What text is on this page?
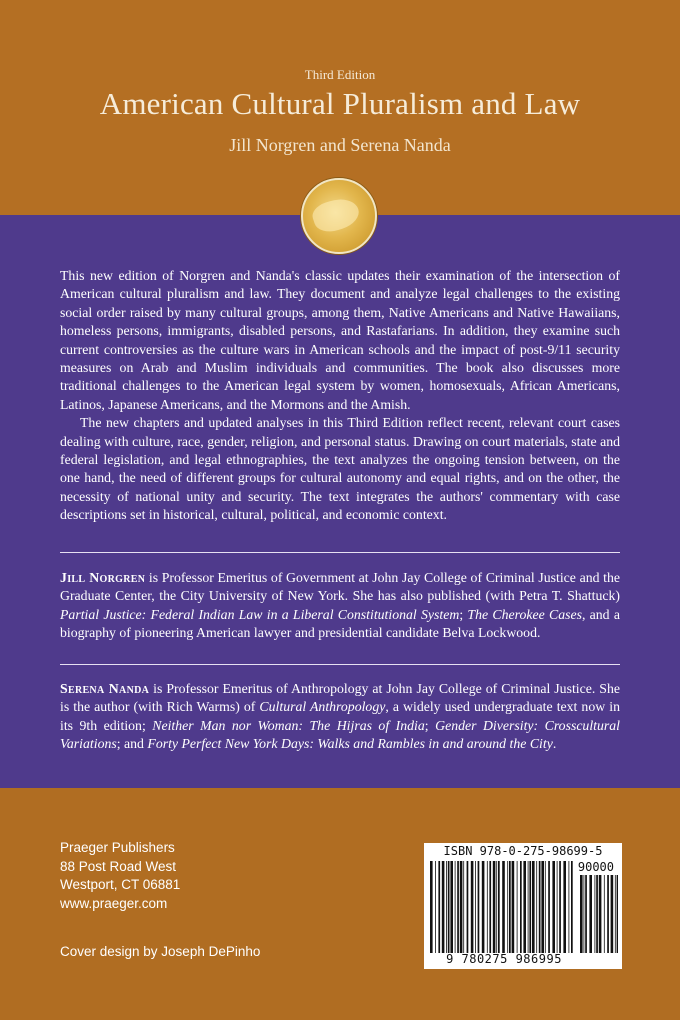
Third Edition
American Cultural Pluralism and Law
Jill Norgren and Serena Nanda

This new edition of Norgren and Nanda's classic updates their examination of the intersection of American cultural pluralism and law. They document and analyze legal challenges to the existing social order raised by many cultural groups, among them, Native Americans and Native Hawaiians, homeless persons, immigrants, disabled persons, and Rastafarians. In addition, they examine such current controversies as the culture wars in American schools and the impact of post-9/11 security measures on Arab and Muslim individuals and communities. The book also discusses more traditional challenges to the American legal system by women, homosexuals, African Americans, Latinos, Japanese Americans, and the Mormons and the Amish.

The new chapters and updated analyses in this Third Edition reflect recent, relevant court cases dealing with culture, race, gender, religion, and personal status. Drawing on court materials, state and federal legislation, and legal ethnographies, the text analyzes the ongoing tension between, on the one hand, the need of different groups for cultural autonomy and equal rights, and on the other, the necessity of national unity and security. The text integrates the authors' commentary with case descriptions set in historical, cultural, political, and economic context.

Jill Norgren is Professor Emeritus of Government at John Jay College of Criminal Justice and the Graduate Center, the City University of New York. She has also published (with Petra T. Shattuck) Partial Justice: Federal Indian Law in a Liberal Constitutional System; The Cherokee Cases, and a biography of pioneering American lawyer and presidential candidate Belva Lockwood.
Serena Nanda is Professor Emeritus of Anthropology at John Jay College of Criminal Justice. She is the author (with Rich Warms) of Cultural Anthropology, a widely used undergraduate text now in its 9th edition; Neither Man nor Woman: The Hijras of India; Gender Diversity: Crosscultural Variations; and Forty Perfect New York Days: Walks and Rambles in and around the City.
Praeger Publishers
88 Post Road West
Westport, CT 06881
www.praeger.com
Cover design by Joseph DePinho
ISBN 978-0-275-98699-5
90000
9 780275 986995
